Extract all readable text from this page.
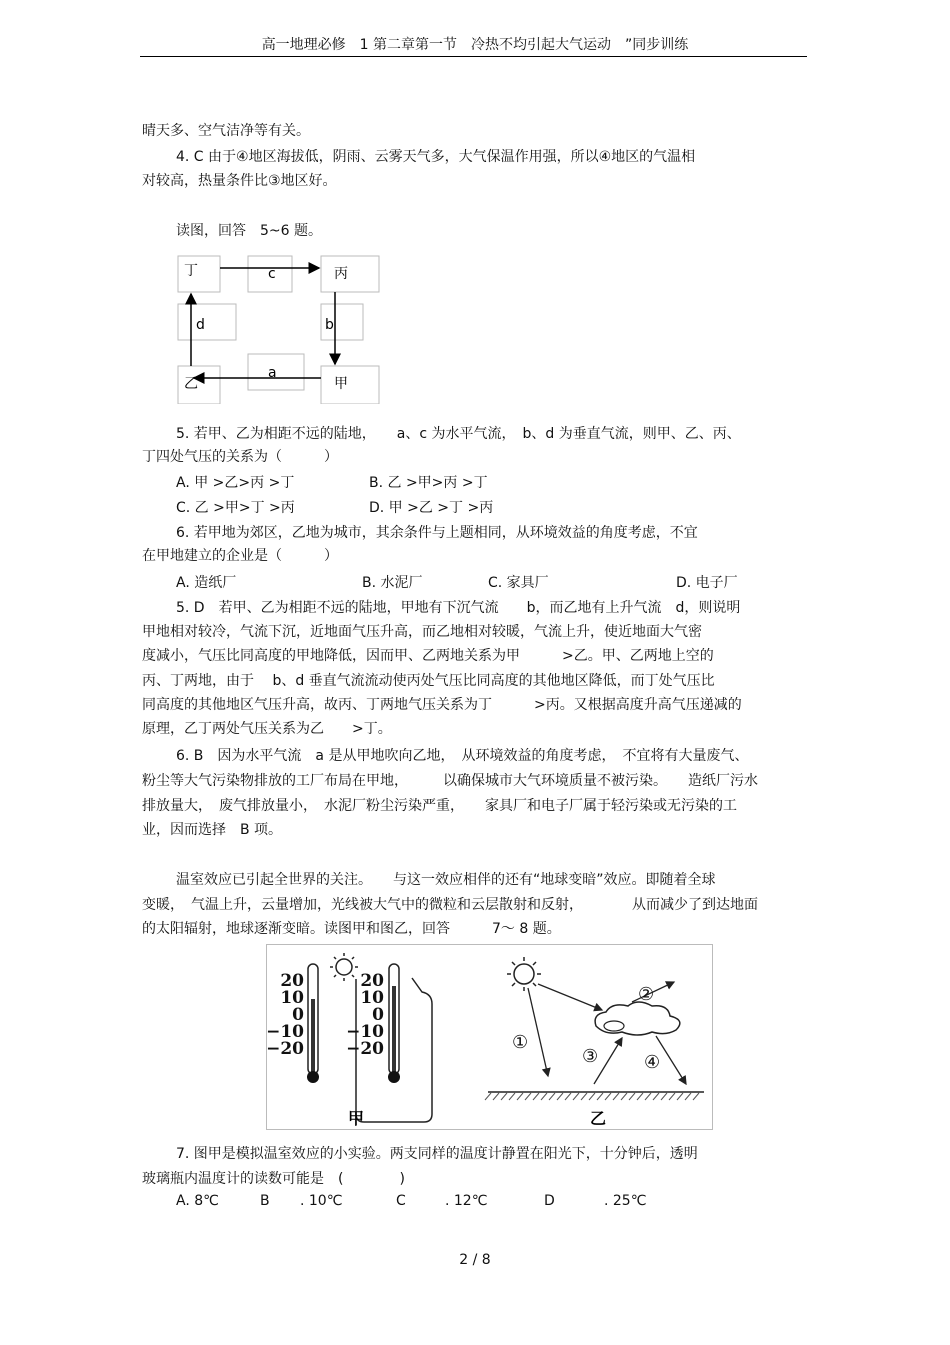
高一地理必修　1 第二章第一节　冷热不均引起大气运动　”同步训练
晴天多、空气洁净等有关。
4. C 由于④地区海拔低，阴雨、云雾天气多，大气保温作用强，所以④地区的气温相
对较高，热量条件比③地区好。
读图，回答　5~6 题。
丁	丙
乙	甲
c
b
a
d
5. 若甲、乙为相距不远的陆地，　　a、c 为水平气流，　b、d 为垂直气流，则甲、乙、丙、
丁四处气压的关系为（　　　）
A. 甲 >乙>丙 >丁	B. 乙 >甲>丙 >丁
C. 乙 >甲>丁 >丙	D. 甲 >乙 >丁 >丙
6. 若甲地为郊区，乙地为城市，其余条件与上题相同，从环境效益的角度考虑，不宜
在甲地建立的企业是（　　　）
A. 造纸厂	B. 水泥厂	C. 家具厂	D. 电子厂
5. D　若甲、乙为相距不远的陆地，甲地有下沉气流　　b，而乙地有上升气流　d，则说明
甲地相对较冷，气流下沉，近地面气压升高，而乙地相对较暖，气流上升，使近地面大气密
度减小，气压比同高度的甲地降低，因而甲、乙两地关系为甲　　　>乙。甲、乙两地上空的
丙、丁两地，由于　 b、d 垂直气流流动使丙处气压比同高度的其他地区降低，而丁处气压比
同高度的其他地区气压升高，故丙、丁两地气压关系为丁　　　>丙。又根据高度升高气压递减的
原理，乙丁两处气压关系为乙　　>丁。
6. B　因为水平气流　a 是从甲地吹向乙地，　从环境效益的角度考虑，　不宜将有大量废气、
粉尘等大气污染物排放的工厂布局在甲地，　　　以确保城市大气环境质量不被污染。　　造纸厂污水
排放量大，　废气排放量小，　水泥厂粉尘污染严重，　　家具厂和电子厂属于轻污染或无污染的工
业，因而选择　B 项。
温室效应已引起全世界的关注。　　与这一效应相伴的还有“地球变暗”效应。即随着全球
变暖，　气温上升，云量增加，光线被大气中的微粒和云层散射和反射，　　　　从而减少了到达地面
的太阳辐射，地球逐渐变暗。读图甲和图乙，回答　　　7～ 8 题。
20
10
0
−10
−20
20
10
0
−10
−20
甲
①
②
③	④
乙
7. 图甲是模拟温室效应的小实验。两支同样的温度计静置在阳光下，十分钟后，透明
玻璃瓶内温度计的读数可能是　(　　　　)
A. 8℃	B . 10℃	C	. 12℃	D	. 25℃
2 / 8
